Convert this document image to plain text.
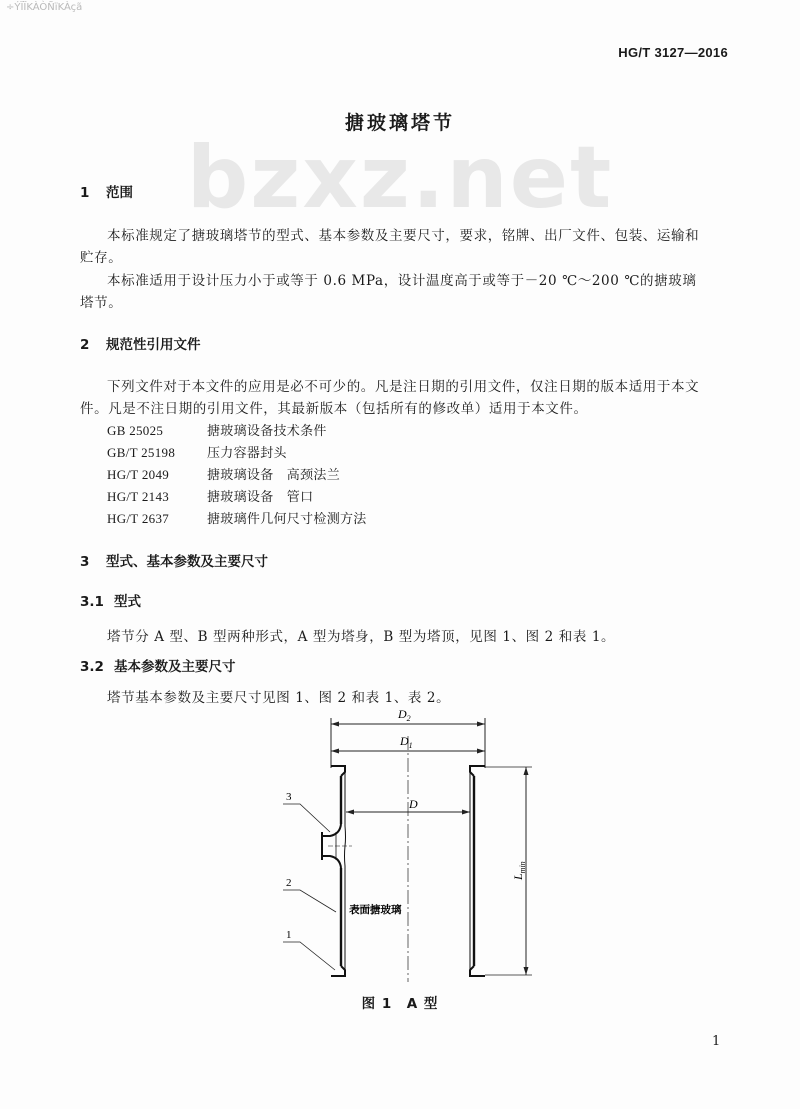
÷ÝÏÏKÀÒÑïKÀçã
HG/T 3127—2016
bzxz.net
搪玻璃塔节
1 范围
本标准规定了搪玻璃塔节的型式、基本参数及主要尺寸，要求，铭牌、出厂文件、包装、运输和
贮存。
本标准适用于设计压力小于或等于 0.6 MPa，设计温度高于或等于－20 ℃～200 ℃的搪玻璃
塔节。
2 规范性引用文件
下列文件对于本文件的应用是必不可少的。凡是注日期的引用文件，仅注日期的版本适用于本文
件。凡是不注日期的引用文件，其最新版本（包括所有的修改单）适用于本文件。
GB 25025	搪玻璃设备技术条件
GB/T 25198 压力容器封头
HG/T 2049	搪玻璃设备　高颈法兰
HG/T 2143	搪玻璃设备　管口
HG/T 2637	搪玻璃件几何尺寸检测方法
3 型式、基本参数及主要尺寸
3.1 型式
塔节分 A 型、B 型两种形式，A 型为塔身，B 型为塔顶，见图 1、图 2 和表 1。
3.2 基本参数及主要尺寸
塔节基本参数及主要尺寸见图 1、图 2 和表 1、表 2。
$D_2$
$D_1$
D
$L_{min}$
3
2
1
表面搪玻璃
图 1　A 型
1
